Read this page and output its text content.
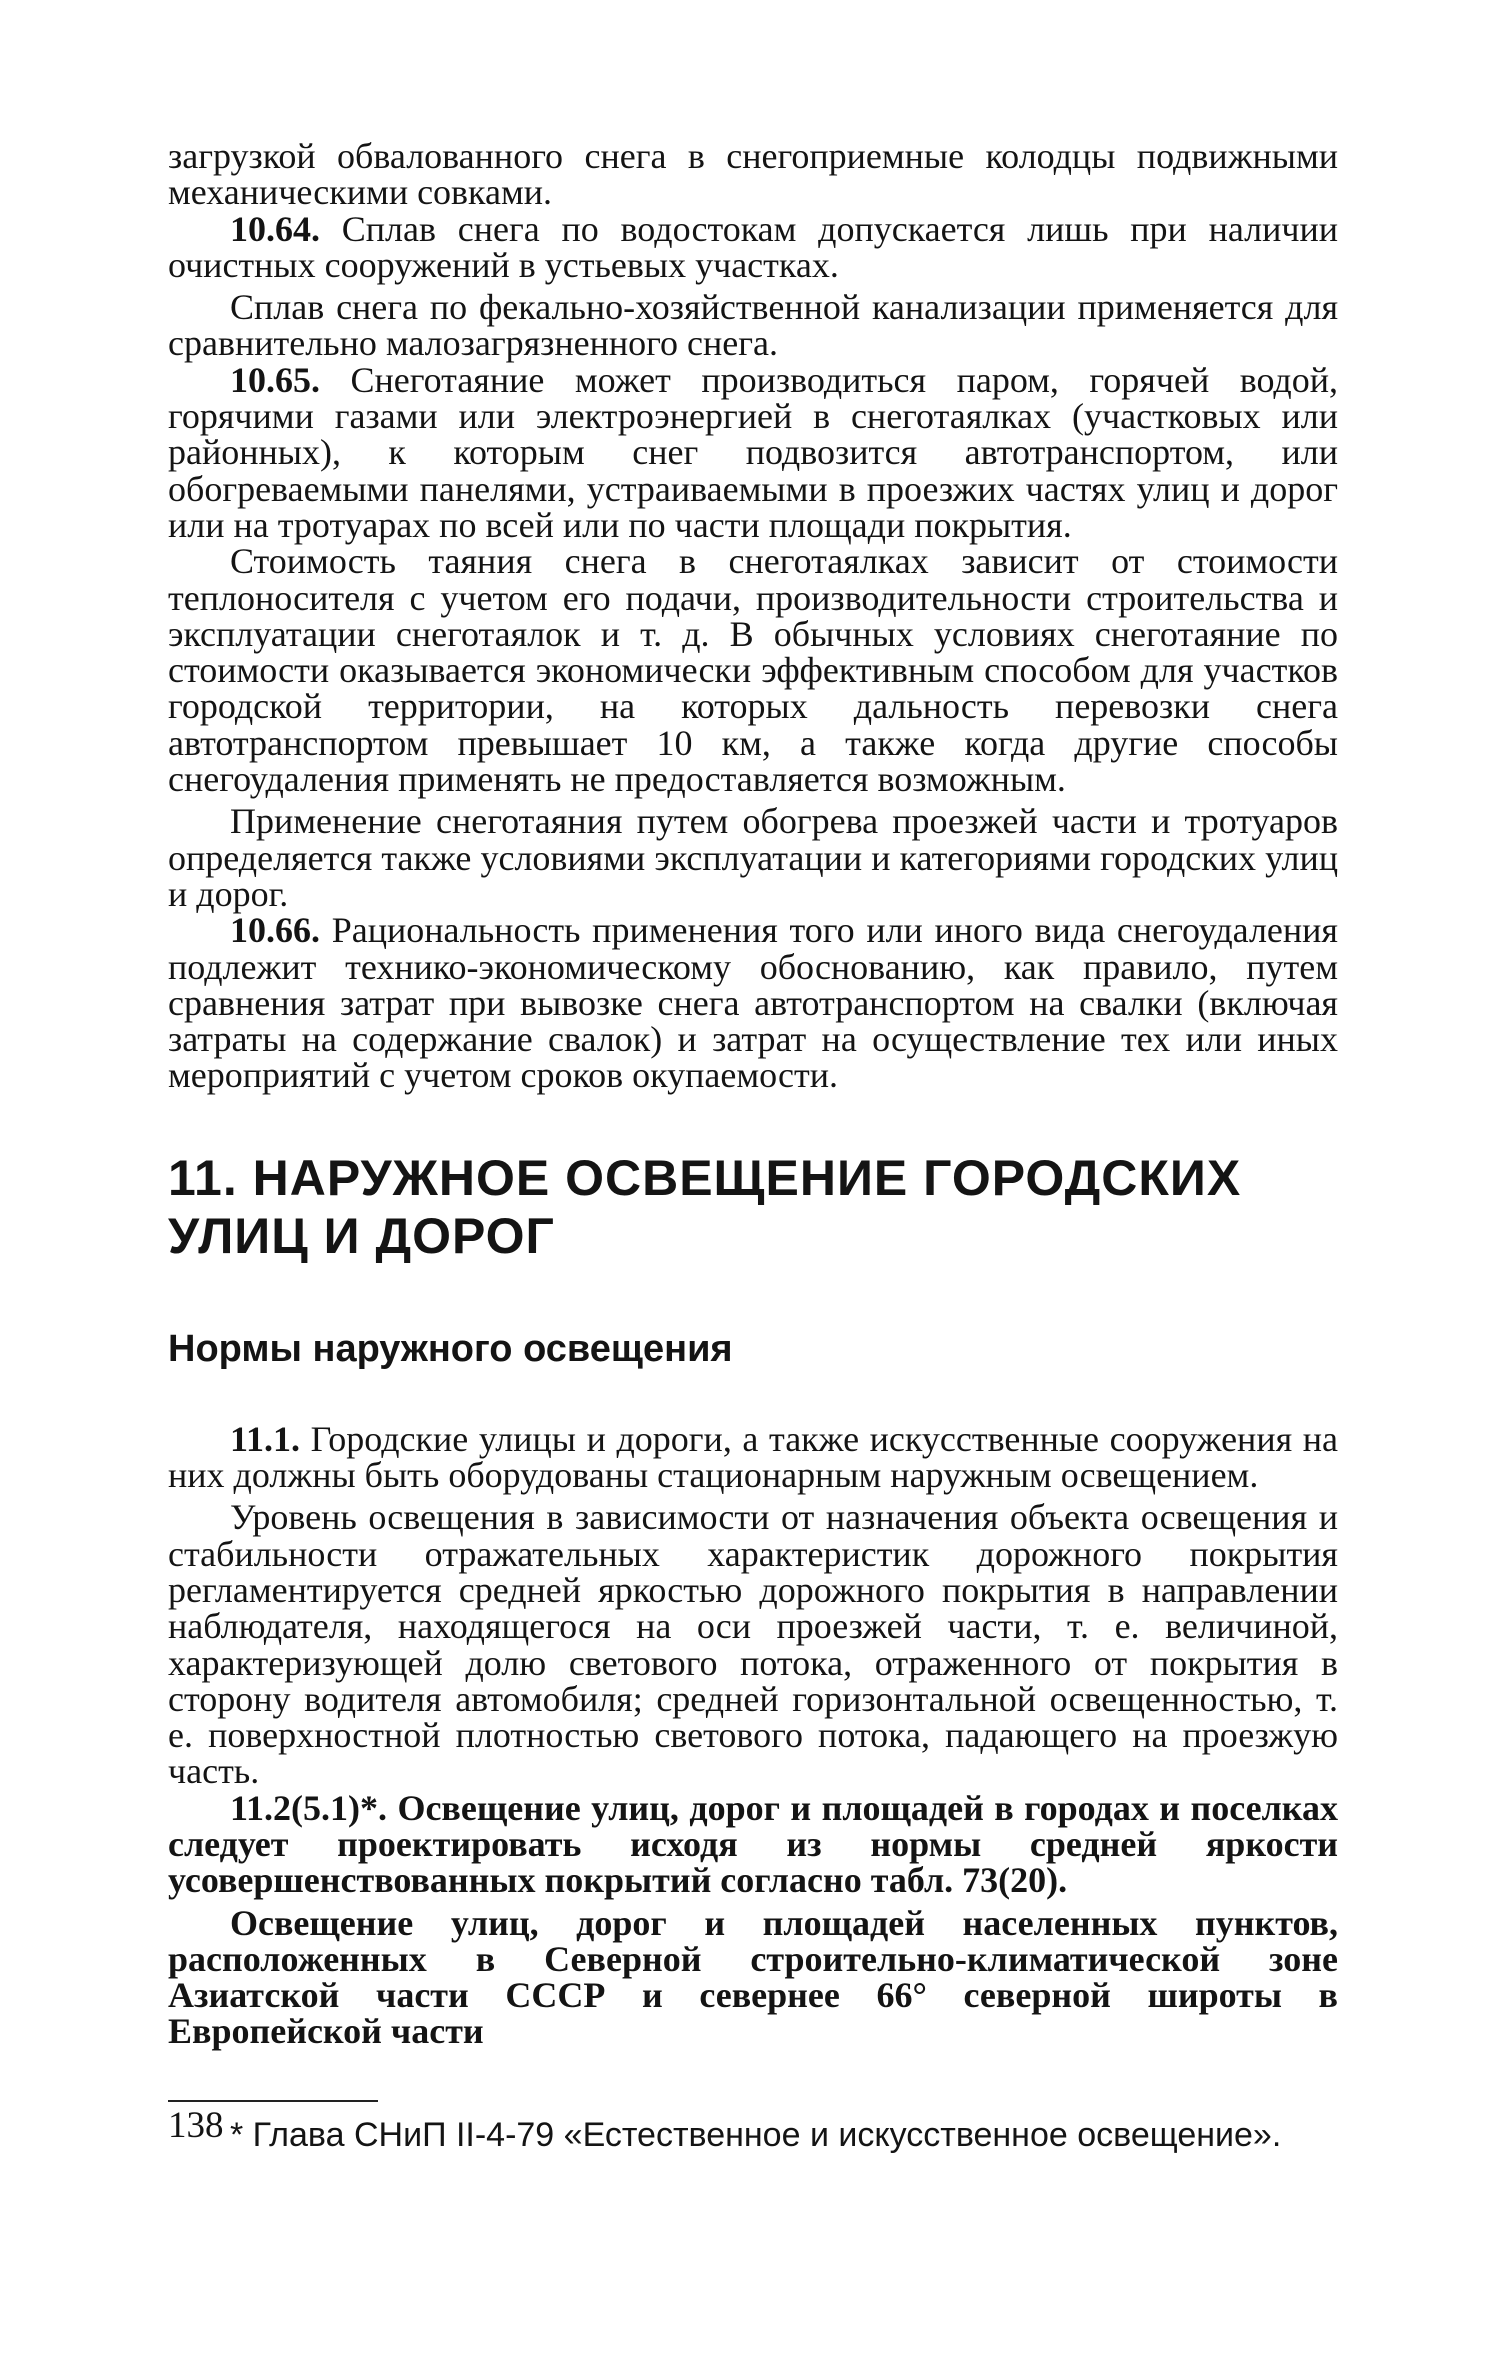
загрузкой обвалованного снега в снегоприемные колодцы подвижными механическими совками.

10.64. Сплав снега по водостокам допускается лишь при наличии очистных сооружений в устьевых участках.

Сплав снега по фекально-хозяйственной канализации применяется для сравнительно малозагрязненного снега.

10.65. Снеготаяние может производиться паром, горячей водой, горячими газами или электроэнергией в снеготаялках (участковых или районных), к которым снег подвозится автотранспортом, или обогреваемыми панелями, устраиваемыми в проезжих частях улиц и дорог или на тротуарах по всей или по части площади покрытия.

Стоимость таяния снега в снеготаялках зависит от стоимости теплоносителя с учетом его подачи, производительности строительства и эксплуатации снеготаялок и т. д. В обычных условиях снеготаяние по стоимости оказывается экономически эффективным способом для участков городской территории, на которых дальность перевозки снега автотранспортом превышает 10 км, а также когда другие способы снегоудаления применять не предоставляется возможным.

Применение снеготаяния путем обогрева проезжей части и тротуаров определяется также условиями эксплуатации и категориями городских улиц и дорог.

10.66. Рациональность применения того или иного вида снегоудаления подлежит технико-экономическому обоснованию, как правило, путем сравнения затрат при вывозке снега автотранспортом на свалки (включая затраты на содержание свалок) и затрат на осуществление тех или иных мероприятий с учетом сроков окупаемости.

11. НАРУЖНОЕ ОСВЕЩЕНИЕ ГОРОДСКИХ
УЛИЦ И ДОРОГ
Нормы наружного освещения

11.1. Городские улицы и дороги, а также искусственные сооружения на них должны быть оборудованы стационарным наружным освещением.

Уровень освещения в зависимости от назначения объекта освещения и стабильности отражательных характеристик дорожного покрытия регламентируется средней яркостью дорожного покрытия в направлении наблюдателя, находящегося на оси проезжей части, т. е. величиной, характеризующей долю светового потока, отраженного от покрытия в сторону водителя автомобиля; средней горизонтальной освещенностью, т. е. поверхностной плотностью светового потока, падающего на проезжую часть.

11.2(5.1)*. Освещение улиц, дорог и площадей в городах и поселках следует проектировать исходя из нормы средней яркости усовершенствованных покрытий согласно табл. 73(20).

Освещение улиц, дорог и площадей населенных пунктов, расположенных в Северной строительно-климатической зоне Азиатской части СССР и севернее 66° северной широты в Европейской части

* Глава СНиП II-4-79 «Естественное и искусственное освещение».

138
